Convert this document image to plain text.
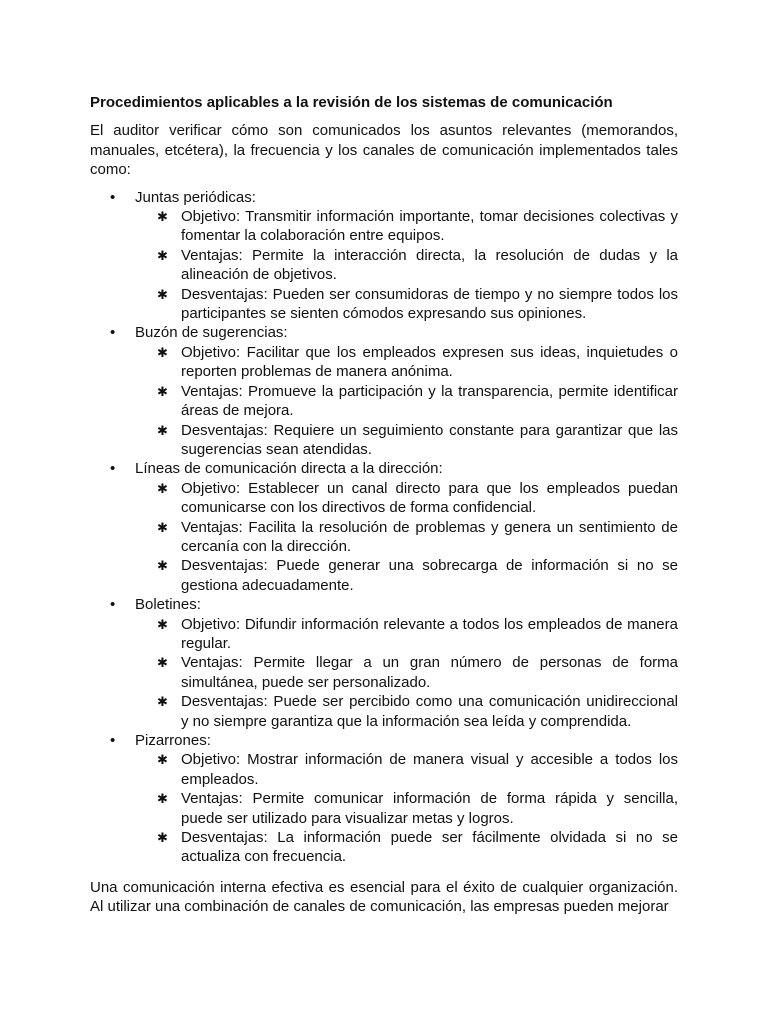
Procedimientos aplicables a la revisión de los sistemas de comunicación

El auditor verificar cómo son comunicados los asuntos relevantes (memorandos, manuales, etcétera), la frecuencia y los canales de comunicación implementados tales como:

• Juntas periódicas:
✱ Objetivo: Transmitir información importante, tomar decisiones colectivas y fomentar la colaboración entre equipos.
✱ Ventajas: Permite la interacción directa, la resolución de dudas y la alineación de objetivos.
✱ Desventajas: Pueden ser consumidoras de tiempo y no siempre todos los participantes se sienten cómodos expresando sus opiniones.
• Buzón de sugerencias:
✱ Objetivo: Facilitar que los empleados expresen sus ideas, inquietudes o reporten problemas de manera anónima.
✱ Ventajas: Promueve la participación y la transparencia, permite identificar áreas de mejora.
✱ Desventajas: Requiere un seguimiento constante para garantizar que las sugerencias sean atendidas.
• Líneas de comunicación directa a la dirección:
✱ Objetivo: Establecer un canal directo para que los empleados puedan comunicarse con los directivos de forma confidencial.
✱ Ventajas: Facilita la resolución de problemas y genera un sentimiento de cercanía con la dirección.
✱ Desventajas: Puede generar una sobrecarga de información si no se gestiona adecuadamente.
• Boletines:
✱ Objetivo: Difundir información relevante a todos los empleados de manera regular.
✱ Ventajas: Permite llegar a un gran número de personas de forma simultánea, puede ser personalizado.
✱ Desventajas: Puede ser percibido como una comunicación unidireccional y no siempre garantiza que la información sea leída y comprendida.
• Pizarrones:
✱ Objetivo: Mostrar información de manera visual y accesible a todos los empleados.
✱ Ventajas: Permite comunicar información de forma rápida y sencilla, puede ser utilizado para visualizar metas y logros.
✱ Desventajas: La información puede ser fácilmente olvidada si no se actualiza con frecuencia.

Una comunicación interna efectiva es esencial para el éxito de cualquier organización. Al utilizar una combinación de canales de comunicación, las empresas pueden mejorar
